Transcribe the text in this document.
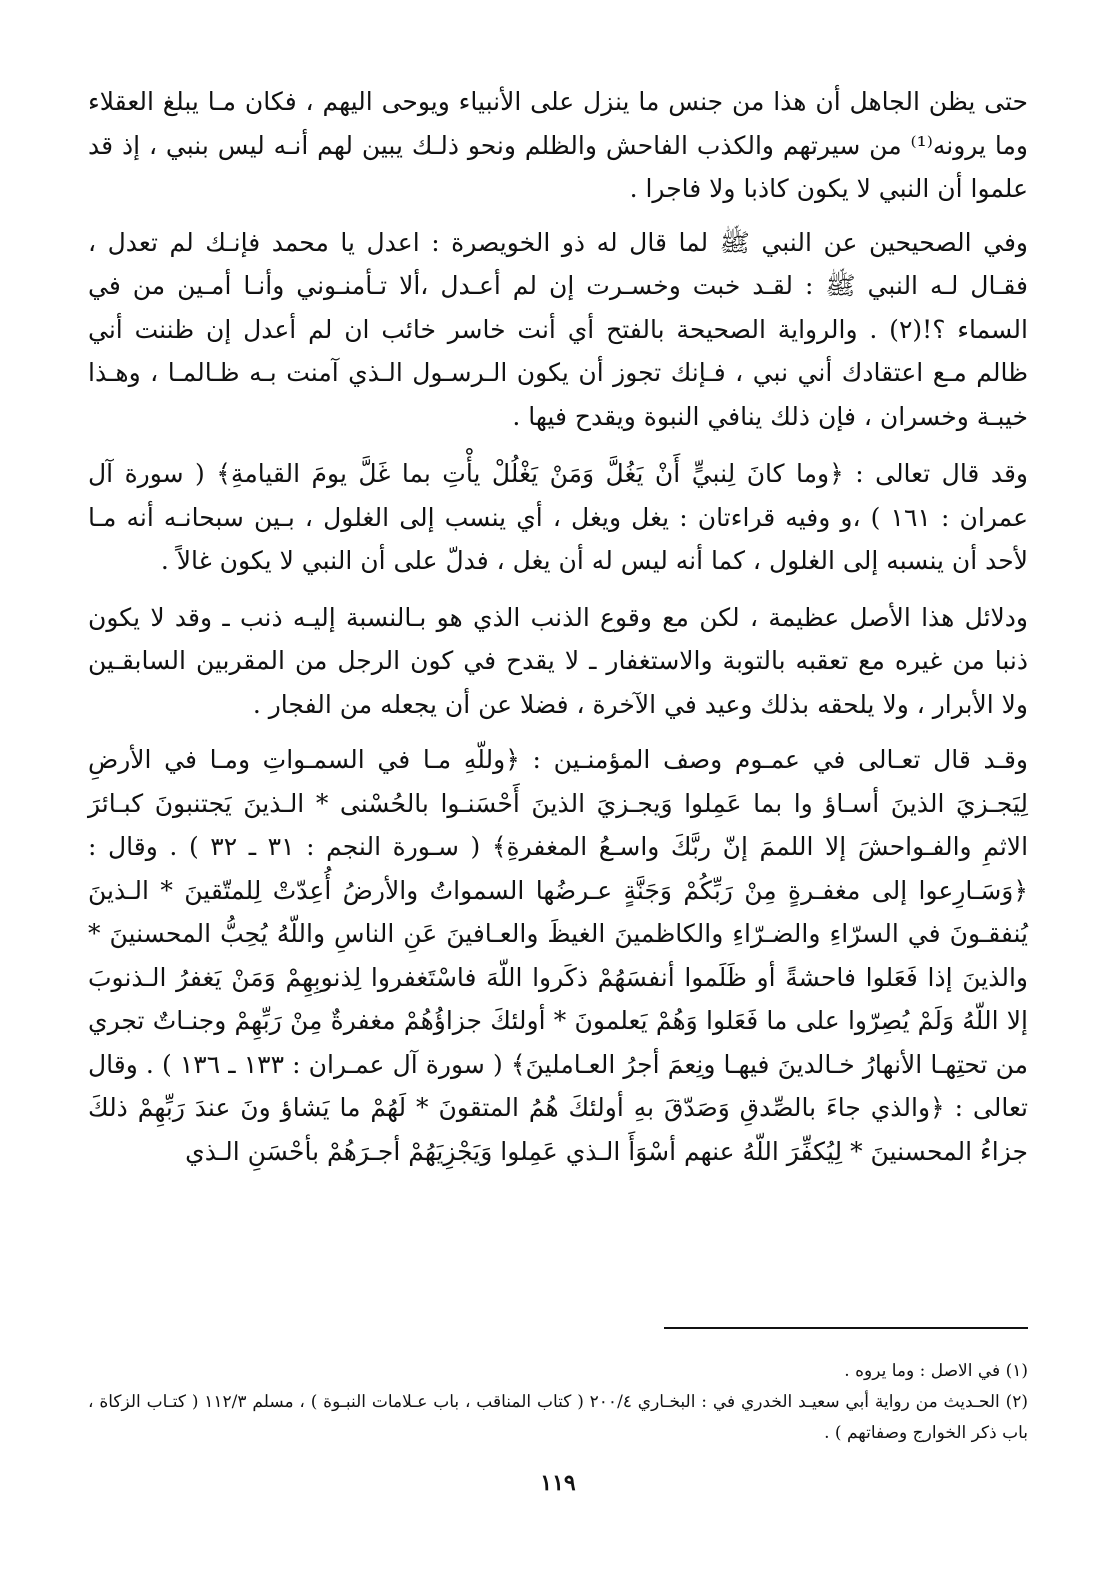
حتى يظن الجاهل أن هذا من جنس ما ينزل على الأنبياء ويوحى اليهم ، فكان مـا يبلغ العقلاء وما يرونه⁽¹⁾ من سيرتهم والكذب الفاحش والظلم ونحو ذلـك يبين لهم أنـه ليس بنبي ، إذ قد علموا أن النبي لا يكون كاذبا ولا فاجرا .

وفي الصحيحين عن النبي ﷺ لما قال له ذو الخويصرة : اعدل يا محمد فإنـك لم تعدل ، فقـال لـه النبي ﷺ : لقـد خبت وخسـرت إن لم أعـدل ،ألا تـأمنـوني وأنـا أمـين من في السماء ؟!(٢) . والرواية الصحيحة بالفتح أي أنت خاسر خائب ان لم أعدل إن ظننت أني ظالم مـع اعتقادك أني نبي ، فـإنك تجوز أن يكون الـرسـول الـذي آمنت بـه ظـالمـا ، وهـذا خيبـة وخسران ، فإن ذلك ينافي النبوة ويقدح فيها .

وقد قال تعالى : ﴿وما كانَ لِنبيٍّ أَنْ يَغُلَّ وَمَنْ يَغْلُلْ يأْتِ بما غَلَّ يومَ القيامةِ﴾ ( سورة آل عمران : ١٦١ ) ،و وفيه قراءتان : يغل ويغل ، أي ينسب إلى الغلول ، بـين سبحانـه أنه مـا لأحد أن ينسبه إلى الغلول ، كما أنه ليس له أن يغل ، فدلّ على أن النبي لا يكون غالاً .

ودلائل هذا الأصل عظيمة ، لكن مع وقوع الذنب الذي هو بـالنسبة إليـه ذنب ـ وقد لا يكون ذنبا من غيره مع تعقبه بالتوبة والاستغفار ـ لا يقدح في كون الرجل من المقربين السابقـين ولا الأبرار ، ولا يلحقه بذلك وعيد في الآخرة ، فضلا عن أن يجعله من الفجار .

وقـد قال تعـالى في عمـوم وصف المؤمنـين : ﴿وللّهِ مـا في السمـواتِ ومـا في الأرضِ لِيَجـزيَ الذينَ أسـاؤ وا بما عَمِلوا وَيجـزيَ الذينَ أَحْسَنـوا بالحُسْنى * الـذينَ يَجتنبونَ كبـائرَ الاثمِ والفـواحشَ إلا اللممَ إنّ ربَّكَ واسـعُ المغفرةِ﴾ ( سـورة النجم : ٣١ ـ ٣٢ ) . وقال : ﴿وَسَـارِعوا إلى مغفـرةٍ مِنْ رَبِّكُمْ وَجَنَّةٍ عـرضُها السمواتُ والأرضُ أُعِدّتْ لِلمتّقينَ * الـذينَ يُنفقـونَ في السرّاءِ والضـرّاءِ والكاظمينَ الغيظَ والعـافينَ عَنِ الناسِ واللّهُ يُحِبُّ المحسنينَ * والذينَ إذا فَعَلوا فاحشةً أو ظَلَموا أنفسَهُمْ ذكَروا اللّهَ فاسْتَغفروا لِذنوبِهِمْ وَمَنْ يَغفرُ الـذنوبَ إلا اللّهُ وَلَمْ يُصِرّوا على ما فَعَلوا وَهُمْ يَعلمونَ * أولئكَ جزاؤُهُمْ مغفرةٌ مِنْ رَبِّهِمْ وجنـاتٌ تجري من تحتِهـا الأنهارُ خـالدينَ فيهـا ونِعمَ أجرُ العـاملينَ﴾ ( سورة آل عمـران : ١٣٣ ـ ١٣٦ ) . وقال تعالى : ﴿والذي جاءَ بالصِّدقِ وَصَدّقَ بهِ أولئكَ هُمُ المتقونَ * لَهُمْ ما يَشاؤ ونَ عندَ رَبِّهِمْ ذلكَ جزاءُ المحسنينَ * لِيُكفِّرَ اللّهُ عنهم أسْوَأَ الـذي عَمِلوا وَيَجْزِيَهُمْ أجـرَهُمْ بأحْسَنِ الـذي

(١) في الاصل : وما يروه .

(٢) الحـديث من رواية أبي سعيـد الخدري في : البخـاري ٢٠٠/٤ ( كتاب المناقب ، باب عـلامات النبـوة ) ، مسلم ١١٢/٣ ( كتـاب الزكاة ، باب ذكر الخوارج وصفاتهم ) .

١١٩
